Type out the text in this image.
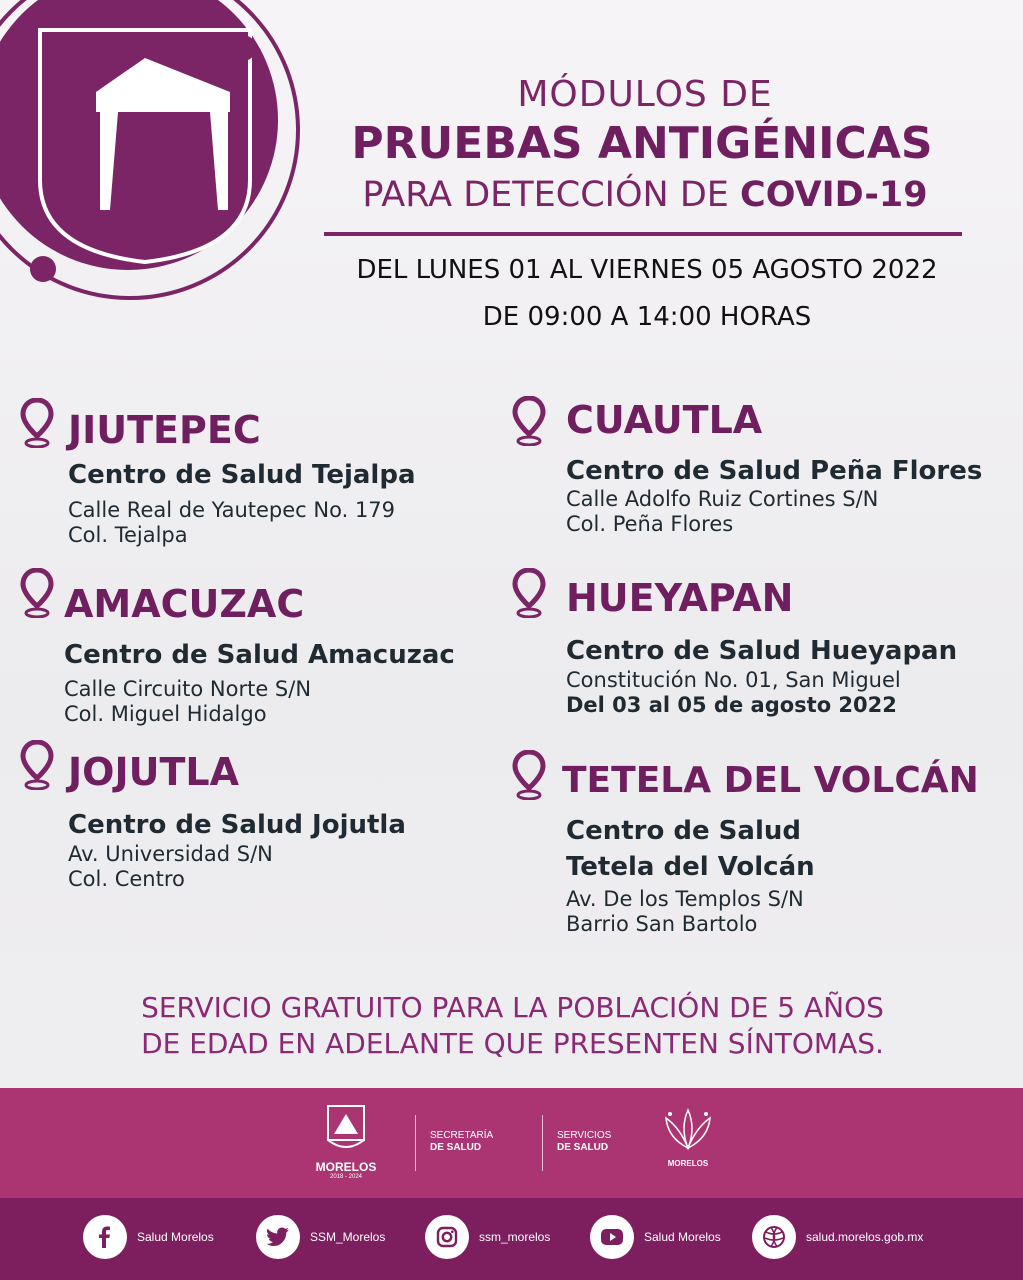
MÓDULOS DE
PRUEBAS ANTIGÉNICAS
PARA DETECCIÓN DE COVID-19
DEL LUNES 01 AL VIERNES 05 AGOSTO 2022
DE 09:00 A 14:00 HORAS
JIUTEPEC
Centro de Salud Tejalpa
Calle Real de Yautepec No. 179
Col. Tejalpa
CUAUTLA
Centro de Salud Peña Flores
Calle Adolfo Ruiz Cortines S/N
Col. Peña Flores
AMACUZAC
Centro de Salud Amacuzac
Calle Circuito Norte S/N
Col. Miguel Hidalgo
HUEYAPAN
Centro de Salud Hueyapan
Constitución No. 01, San Miguel
Del 03 al 05 de agosto 2022
JOJUTLA
Centro de Salud Jojutla
Av. Universidad S/N
Col. Centro
TETELA DEL VOLCÁN
Centro de Salud
Tetela del Volcán
Av. De los Templos S/N
Barrio San Bartolo
SERVICIO GRATUITO PARA LA POBLACIÓN DE 5 AÑOS
DE EDAD EN ADELANTE QUE PRESENTEN SÍNTOMAS.
MORELOS
2018 - 2024
SECRETARÍA
DE SALUD
SERVICIOS
DE SALUD
MORELOS
Salud Morelos	SSM_Morelos	ssm_morelos	Salud Morelos	salud.morelos.gob.mx
